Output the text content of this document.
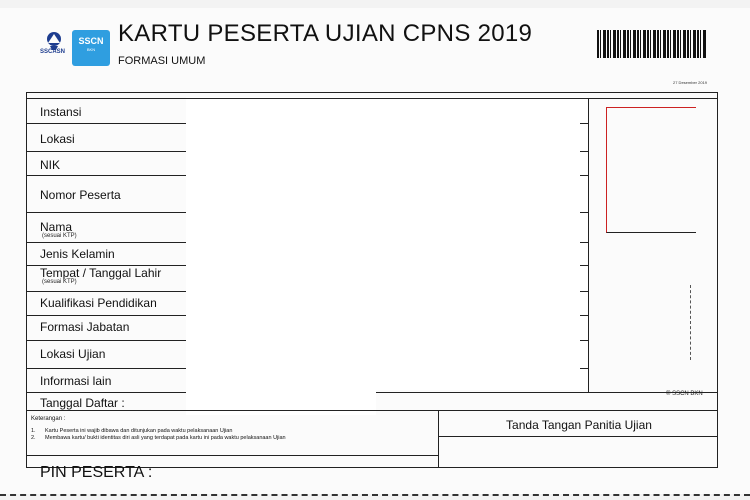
SSCASN
SSCN
BKN
KARTU PESERTA UJIAN CPNS 2019
FORMASI UMUM
27 Desember 2019
Instansi
Lokasi
NIK
Nomor Peserta
Nama
(sesuai KTP)
Jenis Kelamin
Tempat / Tanggal Lahir
(sesuai KTP)
Kualifikasi Pendidikan
Formasi Jabatan
Lokasi Ujian
Informasi lain
Tanggal Daftar :
© SSCN BKN
Keterangan :
1. Kartu Peserta ini wajib dibawa dan ditunjukan pada waktu pelaksanaan Ujian
2. Membawa kartu/ bukti identitas diri asli yang terdapat pada kartu ini pada waktu pelaksanaan Ujian
Tanda Tangan Panitia Ujian
PIN PESERTA :
